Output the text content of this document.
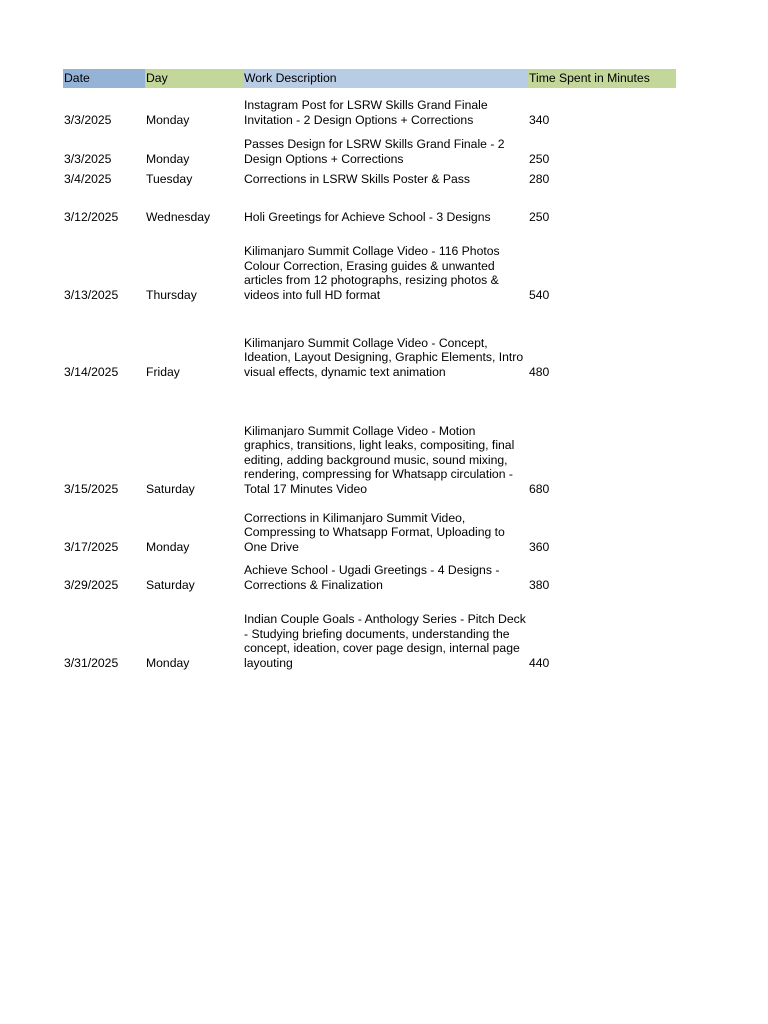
Date	Day	Work Description	Time Spent in Minutes
3/3/2025	Monday	Instagram Post for LSRW Skills Grand Finale Invitation - 2 Design Options + Corrections	340
3/3/2025	Monday	Passes Design for LSRW Skills Grand Finale - 2 Design Options + Corrections	250
3/4/2025	Tuesday	Corrections in LSRW Skills Poster & Pass	280
3/12/2025	Wednesday	Holi Greetings for Achieve School - 3 Designs	250
3/13/2025	Thursday	Kilimanjaro Summit Collage Video - 116 Photos Colour Correction, Erasing guides & unwanted articles from 12 photographs, resizing photos & videos into full HD format	540
3/14/2025	Friday	Kilimanjaro Summit Collage Video - Concept, Ideation, Layout Designing, Graphic Elements, Intro visual effects, dynamic text animation	480
3/15/2025	Saturday	Kilimanjaro Summit Collage Video - Motion graphics, transitions, light leaks, compositing, final editing, adding background music, sound mixing, rendering, compressing for Whatsapp circulation - Total 17 Minutes Video	680
3/17/2025	Monday	Corrections in Kilimanjaro Summit Video, Compressing to Whatsapp Format, Uploading to One Drive	360
3/29/2025	Saturday	Achieve School - Ugadi Greetings - 4 Designs - Corrections & Finalization	380
3/31/2025	Monday	Indian Couple Goals - Anthology Series - Pitch Deck - Studying briefing documents, understanding the concept, ideation, cover page design, internal page layouting	440
